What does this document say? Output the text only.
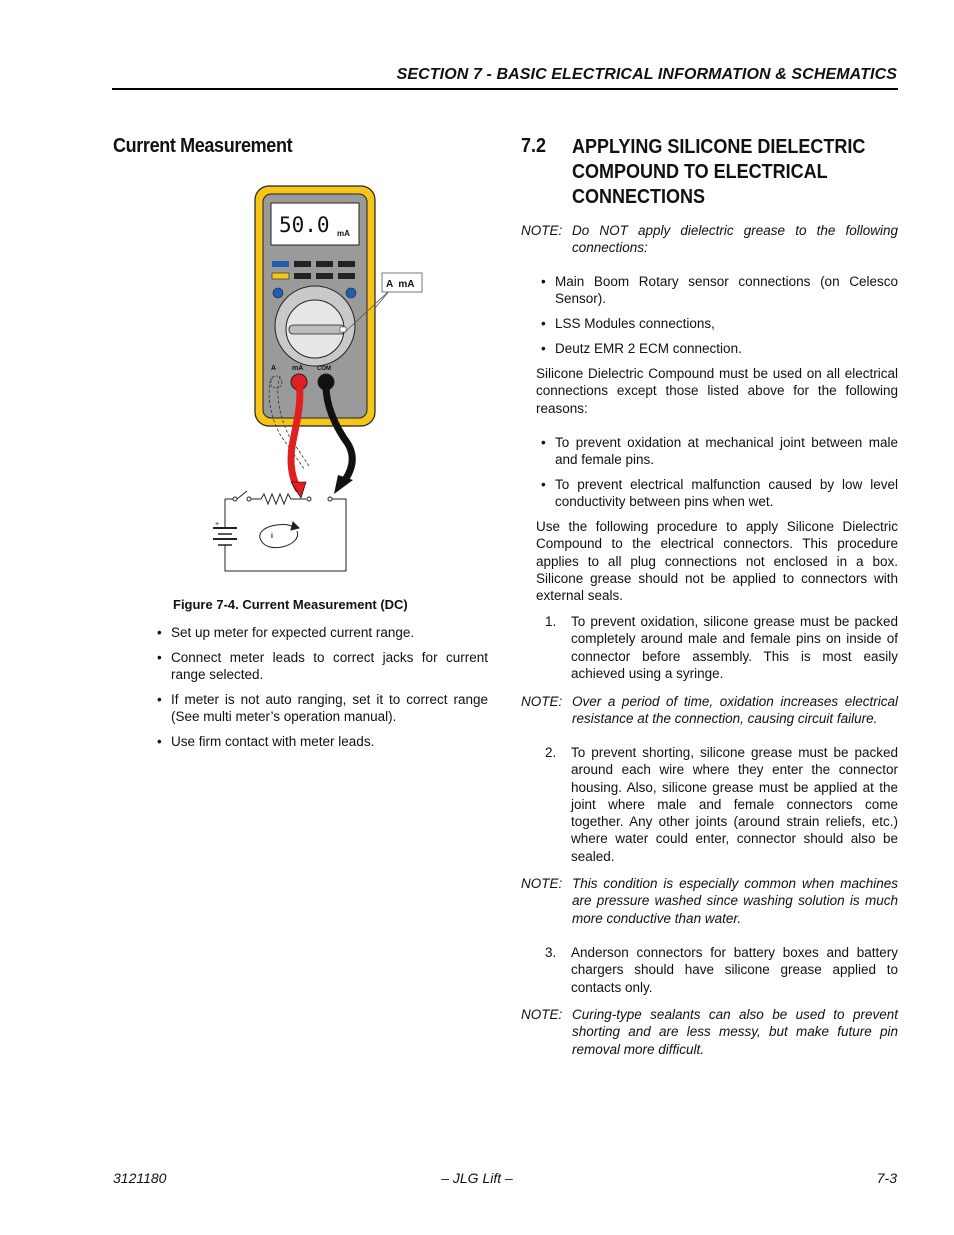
SECTION 7 - BASIC ELECTRICAL INFORMATION & SCHEMATICS
Current Measurement
50.0 mA
A  mA
A mA COM
+
i
Figure 7-4. Current Measurement (DC)
• Set up meter for expected current range.
• Connect meter leads to correct jacks for current range selected.
• If meter is not auto ranging, set it to correct range (See multi meter’s operation manual).
• Use firm contact with meter leads.
7.2 APPLYING SILICONE DIELECTRIC COMPOUND TO ELECTRICAL CONNECTIONS
NOTE: Do NOT apply dielectric grease to the following connections:
• Main Boom Rotary sensor connections (on Celesco Sensor).
• LSS Modules connections,
• Deutz EMR 2 ECM connection.
Silicone Dielectric Compound must be used on all electrical connections except those listed above for the following reasons:
• To prevent oxidation at mechanical joint between male and female pins.
• To prevent electrical malfunction caused by low level conductivity between pins when wet.
Use the following procedure to apply Silicone Dielectric Compound to the electrical connectors. This procedure applies to all plug connections not enclosed in a box. Silicone grease should not be applied to connectors with external seals.
1.	To prevent oxidation, silicone grease must be packed completely around male and female pins on inside of connector before assembly. This is most easily achieved using a syringe.
NOTE: Over a period of time, oxidation increases electrical resistance at the connection, causing circuit failure.
2.	To prevent shorting, silicone grease must be packed around each wire where they enter the connector housing. Also, silicone grease must be applied at the joint where male and female connectors come together. Any other joints (around strain reliefs, etc.) where water could enter, connector should also be sealed.
NOTE: This condition is especially common when machines are pressure washed since washing solution is much more conductive than water.
3.	Anderson connectors for battery boxes and battery chargers should have silicone grease applied to contacts only.
NOTE: Curing-type sealants can also be used to prevent shorting and are less messy, but make future pin removal more difficult.
3121180	– JLG Lift –	7-3
